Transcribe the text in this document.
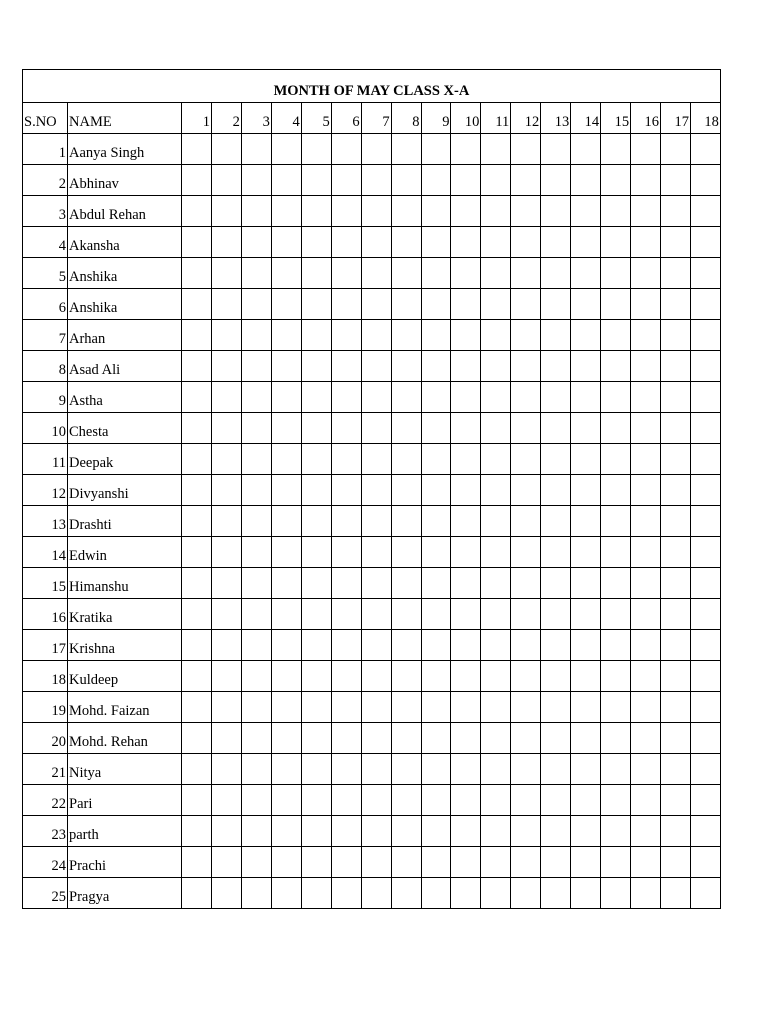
MONTH OF MAY CLASS X-A																			
S.NO	NAME	1	2	3	4	5	6	7	8	9	10	11	12	13	14	15	16	17	18
1	Aanya Singh																		
2	Abhinav																		
3	Abdul Rehan																		
4	Akansha																		
5	Anshika																		
6	Anshika																		
7	Arhan																		
8	Asad Ali																		
9	Astha																		
10	Chesta																		
11	Deepak																		
12	Divyanshi																		
13	Drashti																		
14	Edwin																		
15	Himanshu																		
16	Kratika																		
17	Krishna																		
18	Kuldeep																		
19	Mohd. Faizan																		
20	Mohd. Rehan																		
21	Nitya																		
22	Pari																		
23	parth																		
24	Prachi																		
25	Pragya																		
